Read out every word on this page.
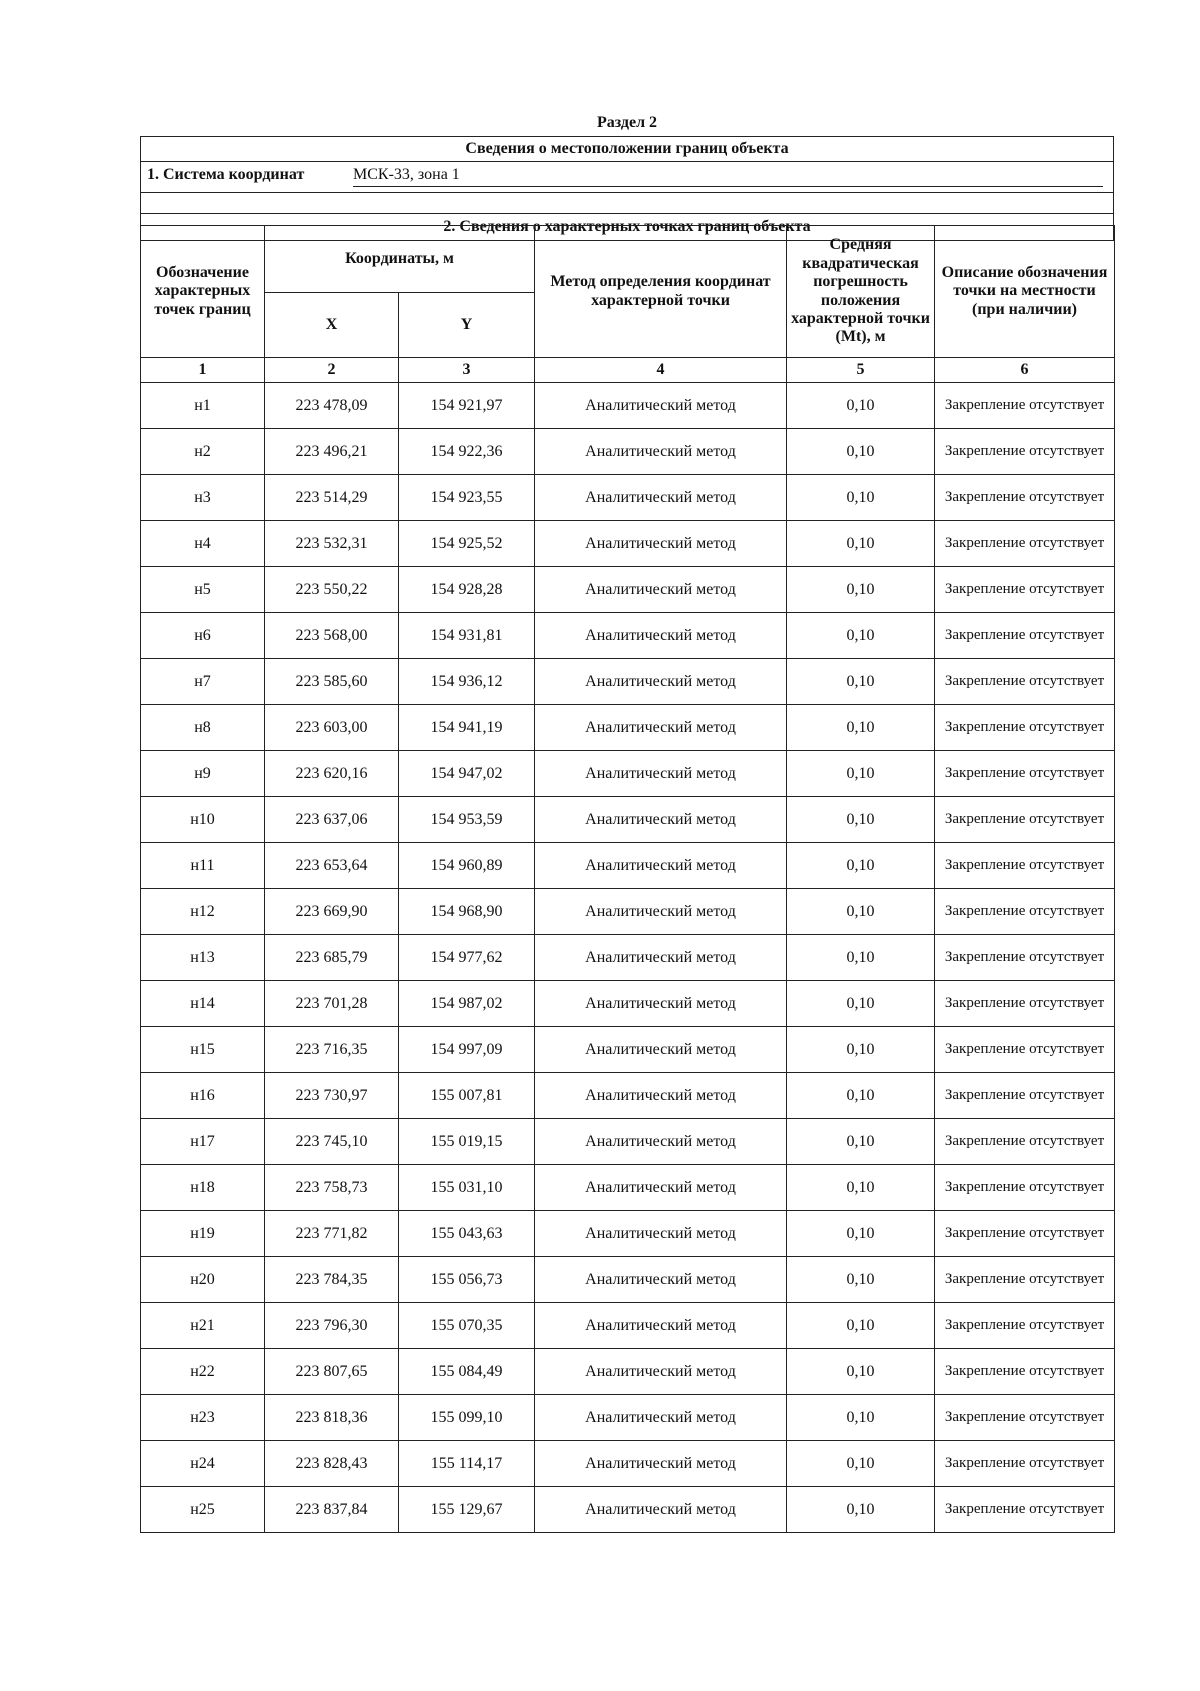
Раздел 2
Сведения о местоположении границ объекта
1. Система координат	МСК-33, зона 1
2. Сведения о характерных точках границ объекта
Обозначение характерных точек границ	Координаты, м		Метод определения координат характерной точки	Средняя квадратическая погрешность положения характерной точки (Mt), м	Описание обозначения точки на местности (при наличии)
	X	Y			
1	2	3	4	5	6
н1	223 478,09	154 921,97	Аналитический метод	0,10	Закрепление отсутствует
н2	223 496,21	154 922,36	Аналитический метод	0,10	Закрепление отсутствует
н3	223 514,29	154 923,55	Аналитический метод	0,10	Закрепление отсутствует
н4	223 532,31	154 925,52	Аналитический метод	0,10	Закрепление отсутствует
н5	223 550,22	154 928,28	Аналитический метод	0,10	Закрепление отсутствует
н6	223 568,00	154 931,81	Аналитический метод	0,10	Закрепление отсутствует
н7	223 585,60	154 936,12	Аналитический метод	0,10	Закрепление отсутствует
н8	223 603,00	154 941,19	Аналитический метод	0,10	Закрепление отсутствует
н9	223 620,16	154 947,02	Аналитический метод	0,10	Закрепление отсутствует
н10	223 637,06	154 953,59	Аналитический метод	0,10	Закрепление отсутствует
н11	223 653,64	154 960,89	Аналитический метод	0,10	Закрепление отсутствует
н12	223 669,90	154 968,90	Аналитический метод	0,10	Закрепление отсутствует
н13	223 685,79	154 977,62	Аналитический метод	0,10	Закрепление отсутствует
н14	223 701,28	154 987,02	Аналитический метод	0,10	Закрепление отсутствует
н15	223 716,35	154 997,09	Аналитический метод	0,10	Закрепление отсутствует
н16	223 730,97	155 007,81	Аналитический метод	0,10	Закрепление отсутствует
н17	223 745,10	155 019,15	Аналитический метод	0,10	Закрепление отсутствует
н18	223 758,73	155 031,10	Аналитический метод	0,10	Закрепление отсутствует
н19	223 771,82	155 043,63	Аналитический метод	0,10	Закрепление отсутствует
н20	223 784,35	155 056,73	Аналитический метод	0,10	Закрепление отсутствует
н21	223 796,30	155 070,35	Аналитический метод	0,10	Закрепление отсутствует
н22	223 807,65	155 084,49	Аналитический метод	0,10	Закрепление отсутствует
н23	223 818,36	155 099,10	Аналитический метод	0,10	Закрепление отсутствует
н24	223 828,43	155 114,17	Аналитический метод	0,10	Закрепление отсутствует
н25	223 837,84	155 129,67	Аналитический метод	0,10	Закрепление отсутствует
